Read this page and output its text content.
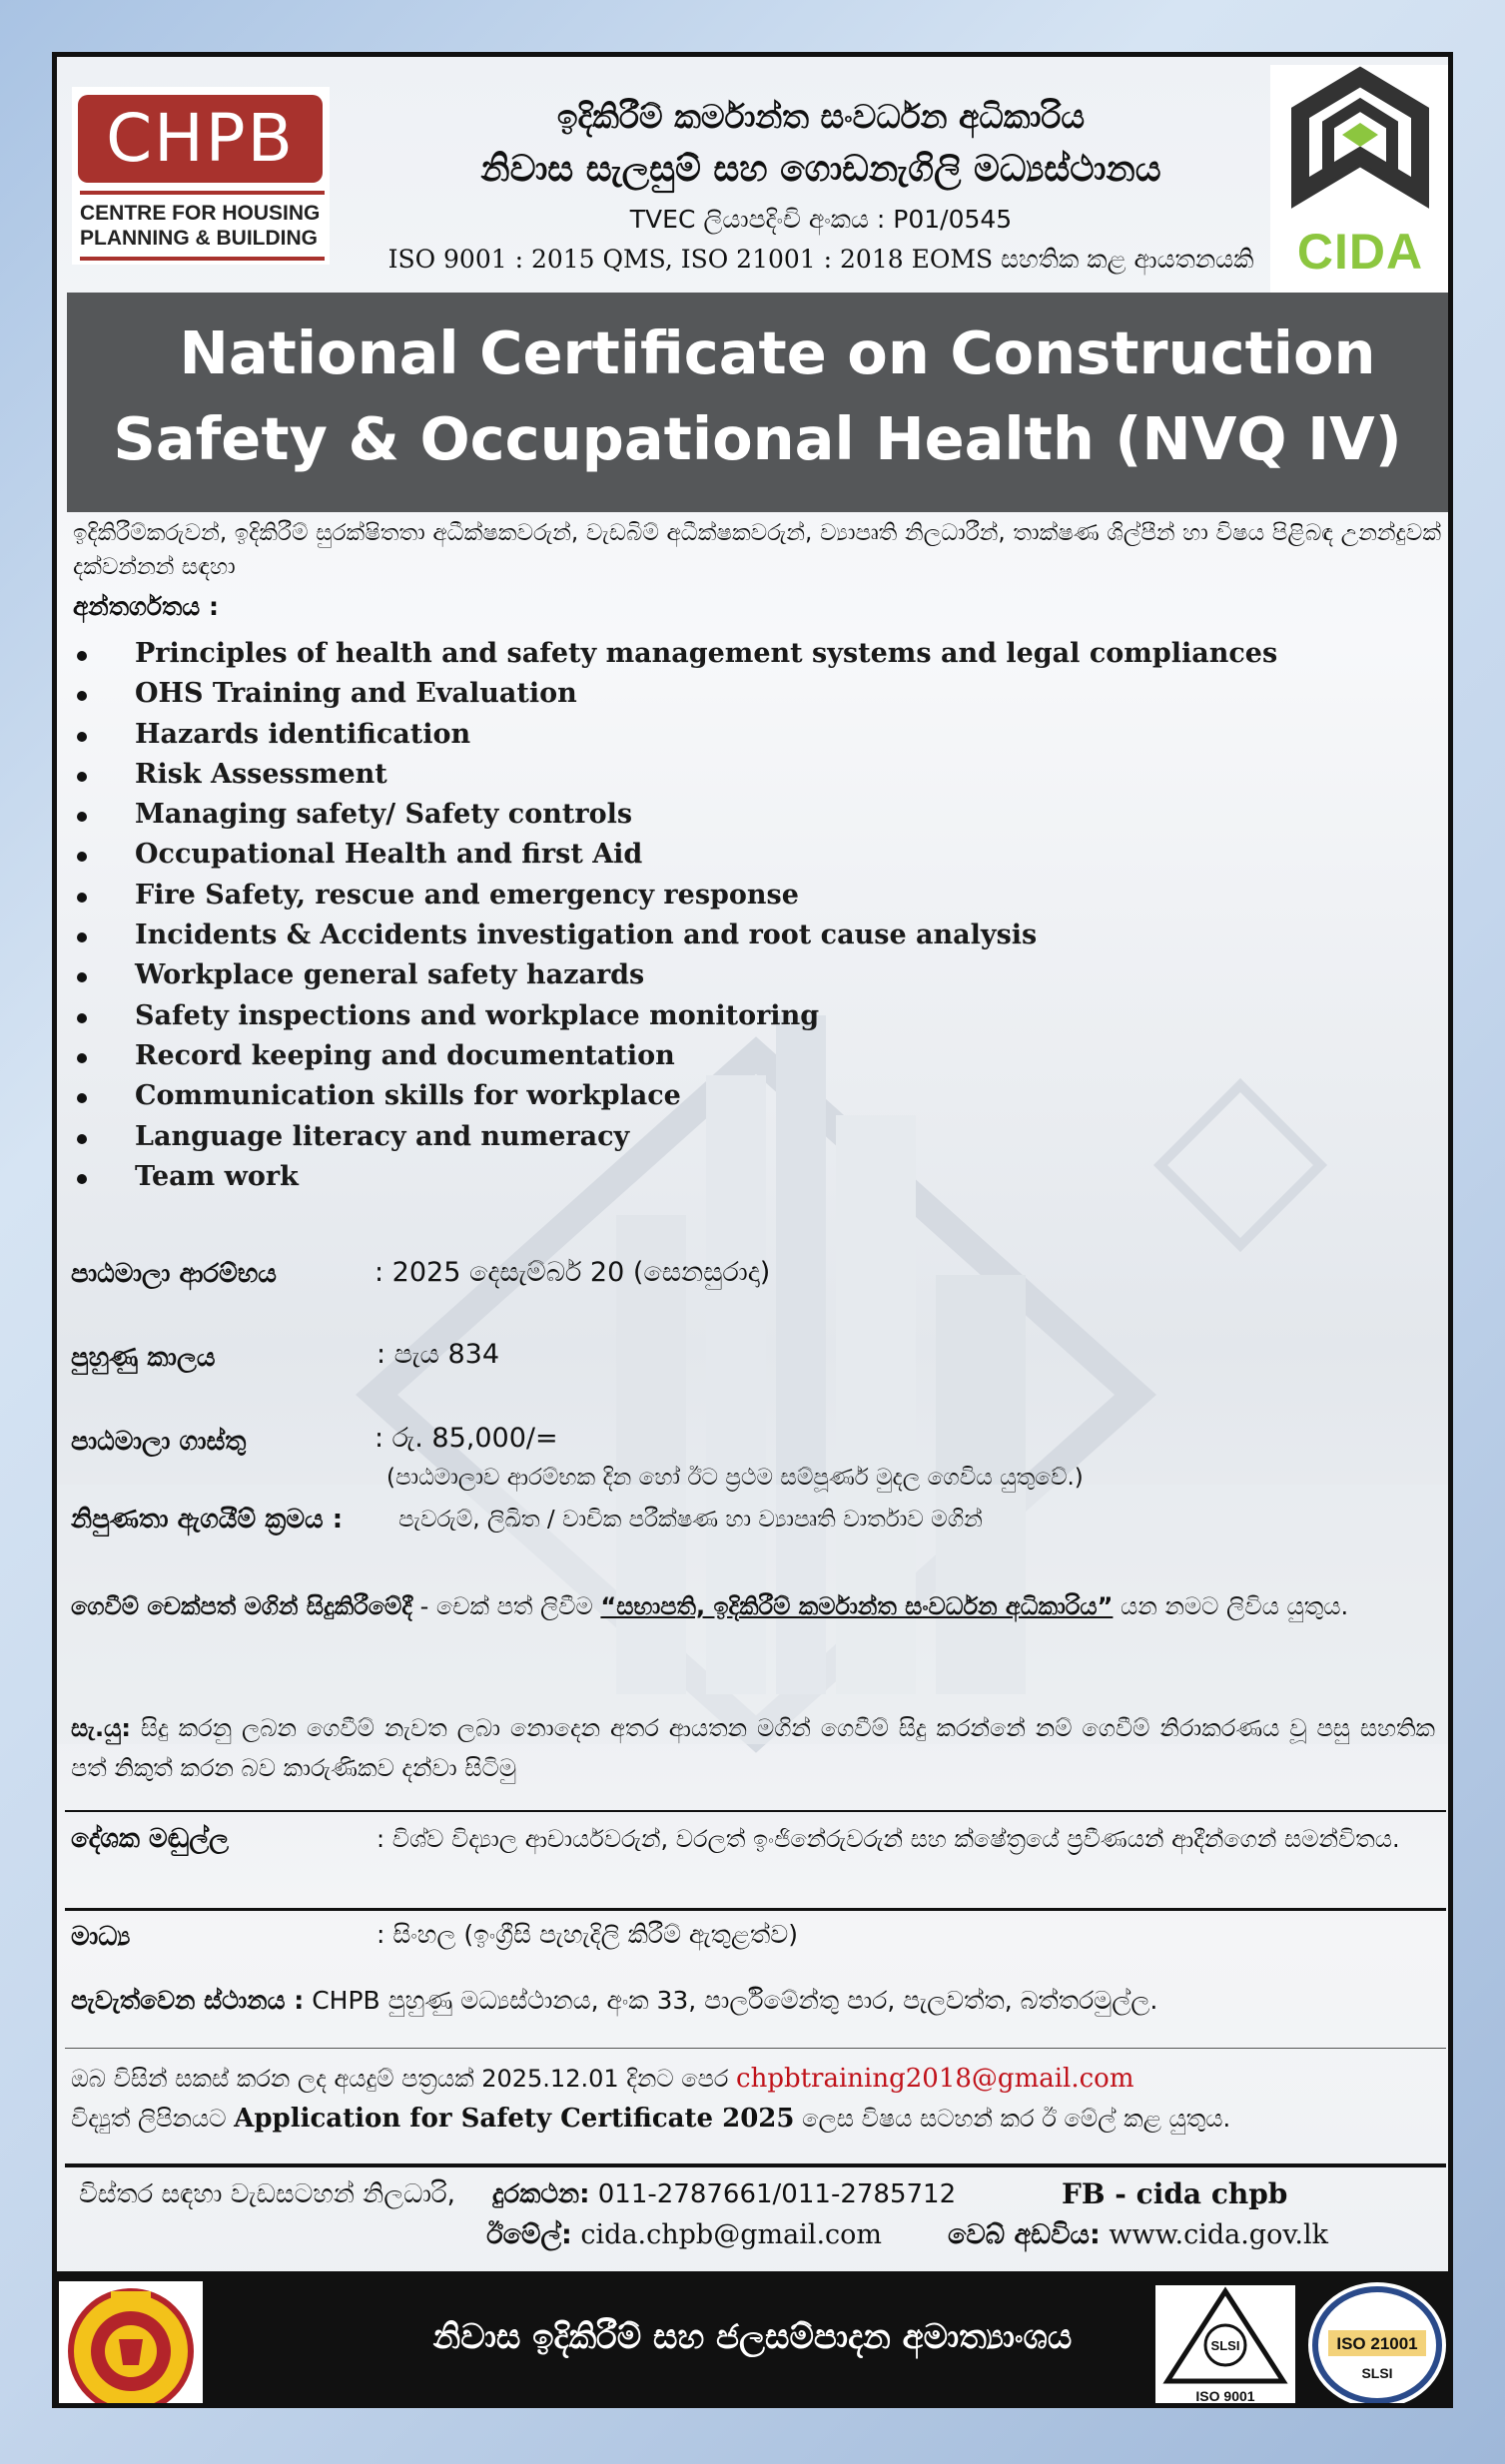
CHPB
CENTRE FOR HOUSING
PLANNING & BUILDING
ඉදිකිරීම් කර්මාන්ත සංවර්ධන අධිකාරිය
නිවාස සැලසුම් සහ ගොඩනැගිලි මධ්‍යස්ථානය
TVEC ලියාපදිංචි අංකය : P01/0545
ISO 9001 : 2015 QMS, ISO 21001 : 2018 EOMS සහතික කළ ආයතනයකි CIDA
National Certificate on Construction
Safety & Occupational Health (NVQ IV)
ඉදිකිරීම්කරුවන්, ඉදිකිරීම් සුරක්ෂිතතා අධීක්ෂකවරුන්, වැඩබිම් අධීක්ෂකවරුන්, ව්‍යාපෘති නිලධාරීන්, තාක්ෂණ ශිල්පීන් හා විෂය පිළිබඳ උනන්දුවක් දක්වන්නන් සඳහා
අන්තර්ගතය :
Principles of health and safety management systems and legal compliances
OHS Training and Evaluation
Hazards identification
Risk Assessment
Managing safety/ Safety controls
Occupational Health and first Aid
Fire Safety, rescue and emergency response
Incidents & Accidents investigation and root cause analysis
Workplace general safety hazards
Safety inspections and workplace monitoring
Record keeping and documentation
Communication skills for workplace
Language literacy and numeracy
Team work
පාඨමාලා ආරම්භය	: 2025 දෙසැම්බර් 20 (සෙනසුරාදා)
පුහුණු කාලය	: පැය 834
පාඨමාලා ගාස්තු	: රු. 85,000/=
(පාඨමාලාව ආරම්භක දින හෝ ඊට ප්‍රථම සම්පූර්ණ මුදල ගෙවිය යුතුවේ.)
නිපුණතා ඇගයීම් ක්‍රමය : පැවරුම්, ලිඛිත / වාචික පරීක්ෂණ හා ව්‍යාපෘති වාර්තාව මගින්
ගෙවීම් චෙක්පත් මගින් සිදුකිරීමේදී - චෙක් පත් ලිවීම “සභාපති, ඉදිකිරීම් කර්මාන්ත සංවර්ධන අධිකාරිය” යන නමට ලිවිය යුතුය.
සැ.යු: සිදු කරනු ලබන ගෙවීම් නැවත ලබා නොදෙන අතර ආයතන මගින් ගෙවීම් සිදු කරන්නේ නම් ගෙවීම් නිරාකරණය වූ පසු සහතික පත් නිකුත් කරන බව කාරුණිකව දන්වා සිටිමු
දේශක මඬුල්ල	: විශ්ව විද්‍යාල ආචාර්යවරුන්, වරලත් ඉංජිනේරුවරුන් සහ ක්ෂේත්‍රයේ ප්‍රවීණයන් ආදීන්ගෙන් සමන්විතය.
මාධ්‍ය	: සිංහල (ඉංග්‍රීසි පැහැදිලි කිරීම් ඇතුළත්ව)
පැවැත්වෙන ස්ථානය : CHPB පුහුණු මධ්‍යස්ථානය, අංක 33, පාර්ලිමේන්තු පාර, පැලවත්ත, බත්තරමුල්ල.
ඔබ විසින් සකස් කරන ලද අයදුම් පත්‍රයක් 2025.12.01 දිනට පෙර chpbtraining2018@gmail.com
විද්‍යුත් ලිපිනයට Application for Safety Certificate 2025 ලෙස විෂය සටහන් කර ඊ මේල් කළ යුතුය.
විස්තර සඳහා වැඩසටහන් නිලධාරි, දුරකථන: 011-2787661/011-2785712	FB - cida chpb
ඊමේල්: cida.chpb@gmail.com වෙබ් අඩවිය: www.cida.gov.lk
නිවාස ඉදිකිරීම් සහ ජලසම්පාදන අමාත්‍යාංශය	SLSI
ISO 9001
ISO 21001
SLSI
